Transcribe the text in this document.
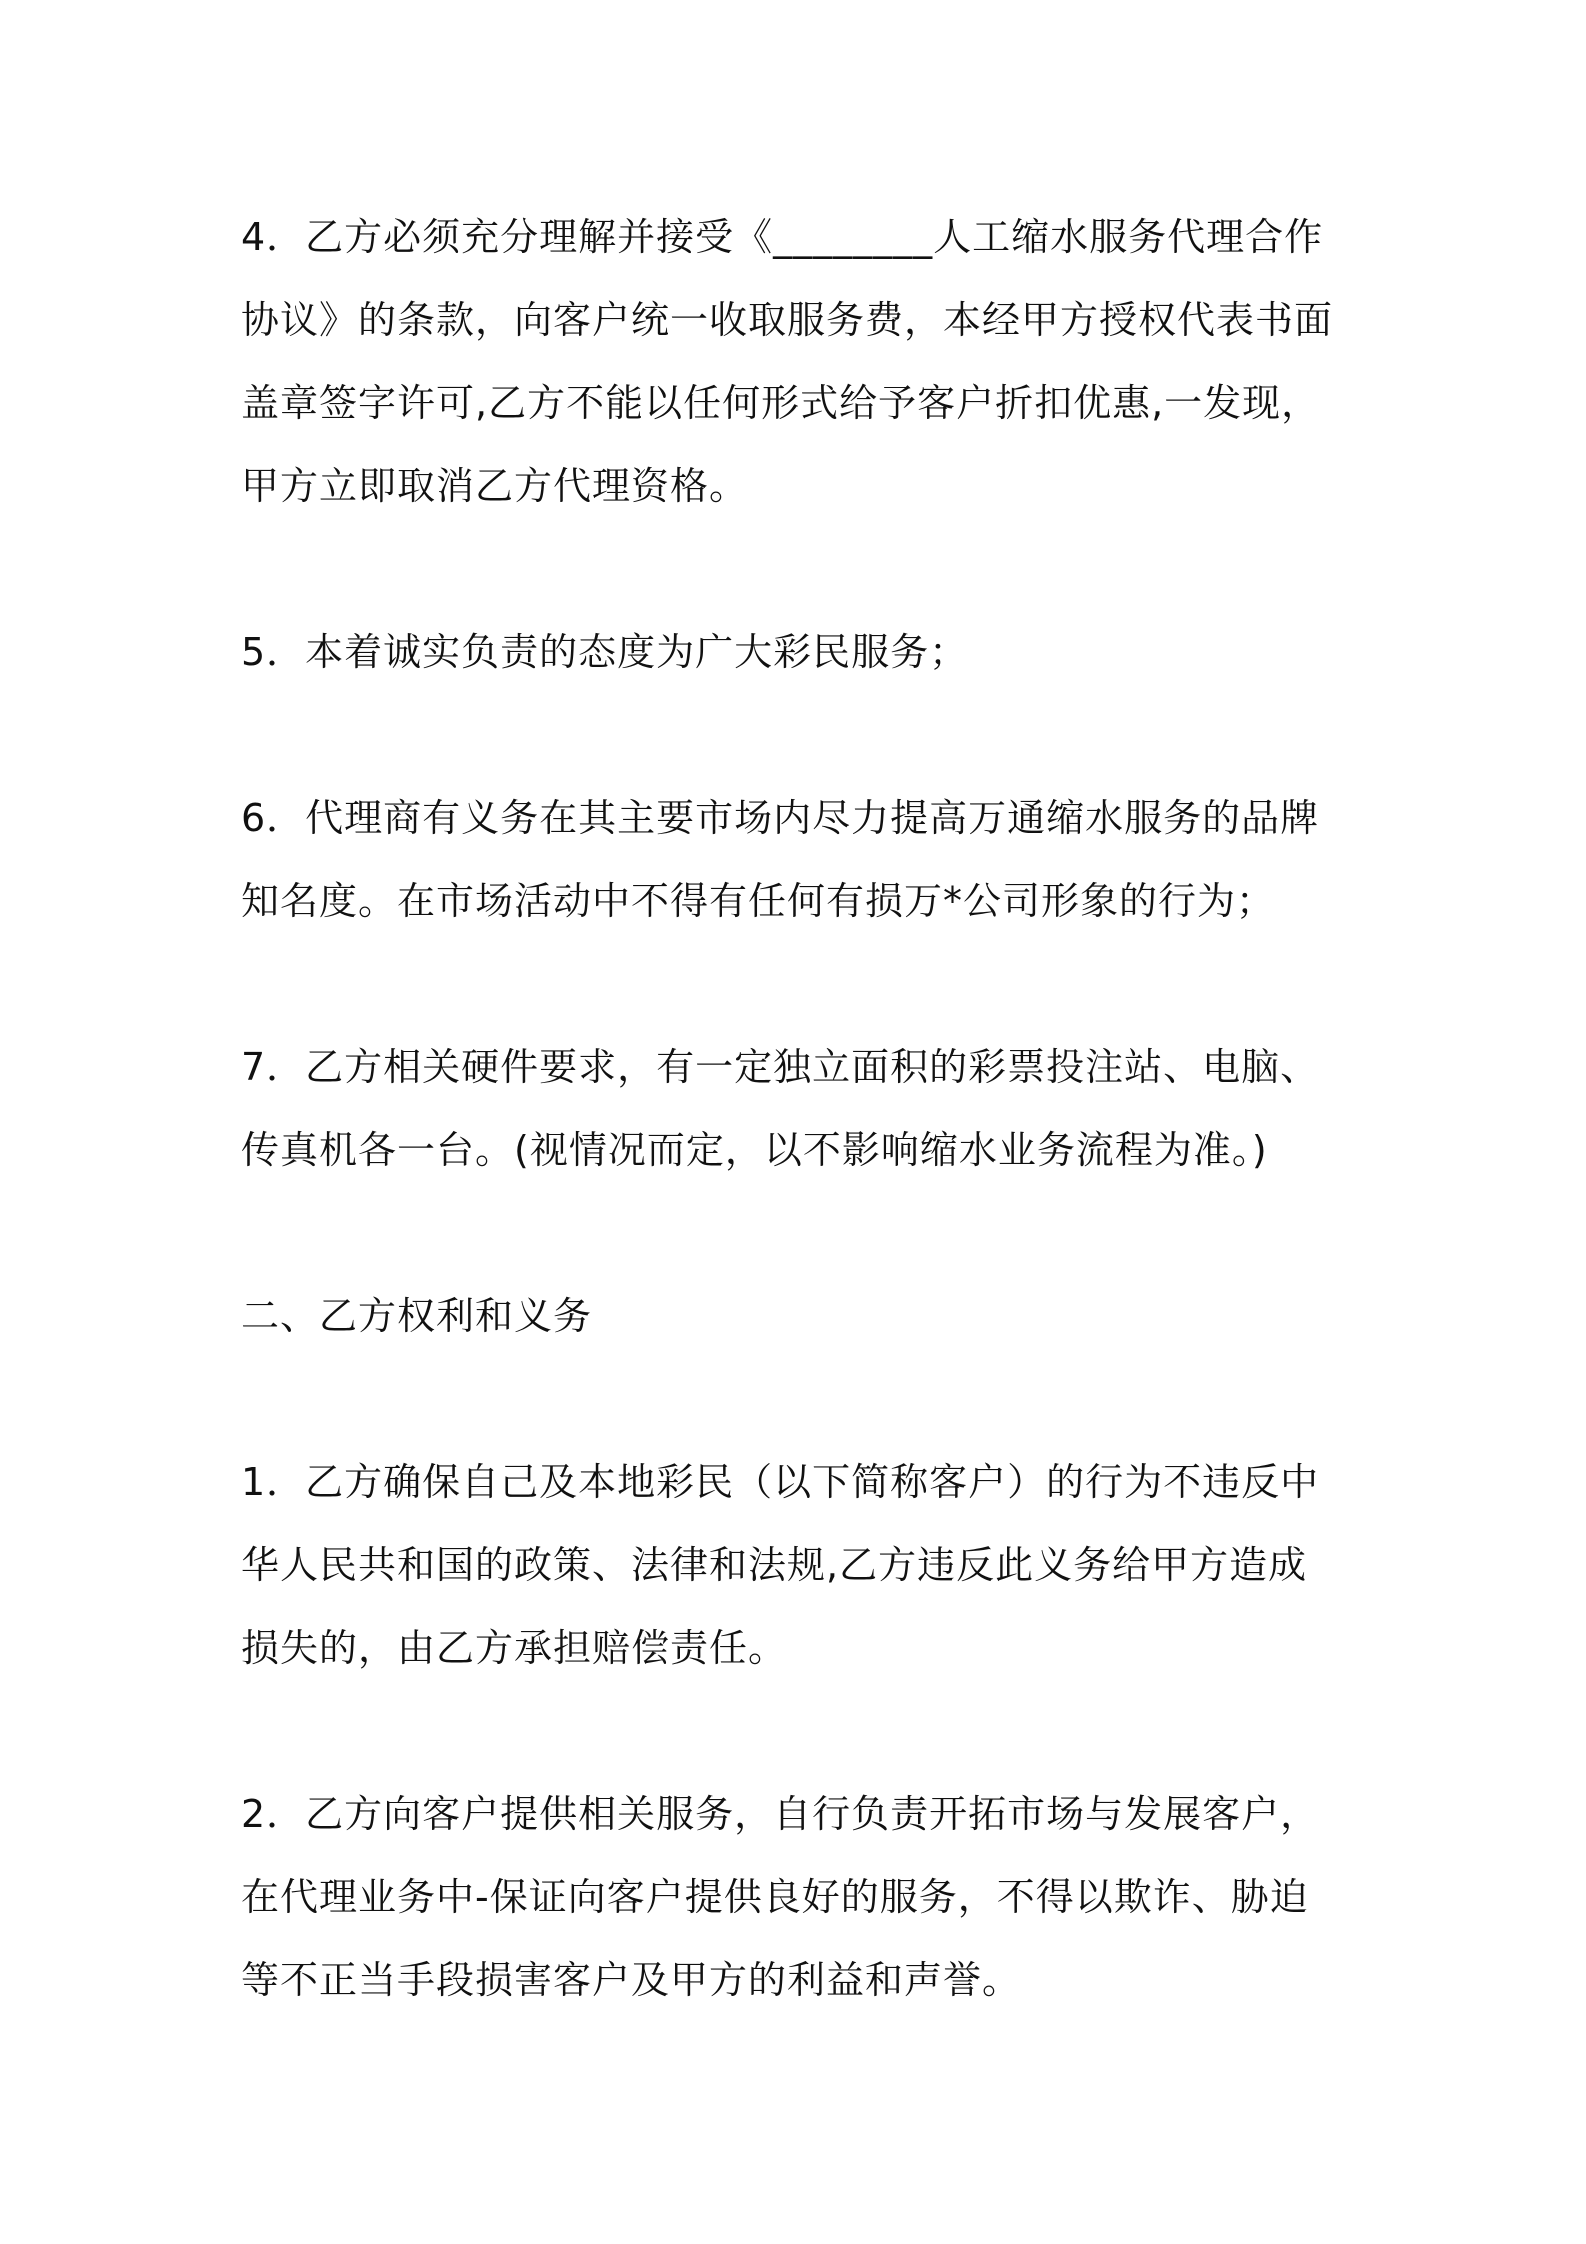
4．乙方必须充分理解并接受《________人工缩水服务代理合作
协议》的条款，向客户统一收取服务费，本经甲方授权代表书面
盖章签字许可,乙方不能以任何形式给予客户折扣优惠,一发现，
甲方立即取消乙方代理资格。

5．本着诚实负责的态度为广大彩民服务；

6．代理商有义务在其主要市场内尽力提高万通缩水服务的品牌
知名度。在市场活动中不得有任何有损万*公司形象的行为；

7．乙方相关硬件要求，有一定独立面积的彩票投注站、电脑、
传真机各一台。(视情况而定，以不影响缩水业务流程为准。)

二、乙方权利和义务

1．乙方确保自己及本地彩民（以下简称客户）的行为不违反中
华人民共和国的政策、法律和法规,乙方违反此义务给甲方造成
损失的，由乙方承担赔偿责任。

2．乙方向客户提供相关服务，自行负责开拓市场与发展客户，
在代理业务中-保证向客户提供良好的服务，不得以欺诈、胁迫
等不正当手段损害客户及甲方的利益和声誉。
